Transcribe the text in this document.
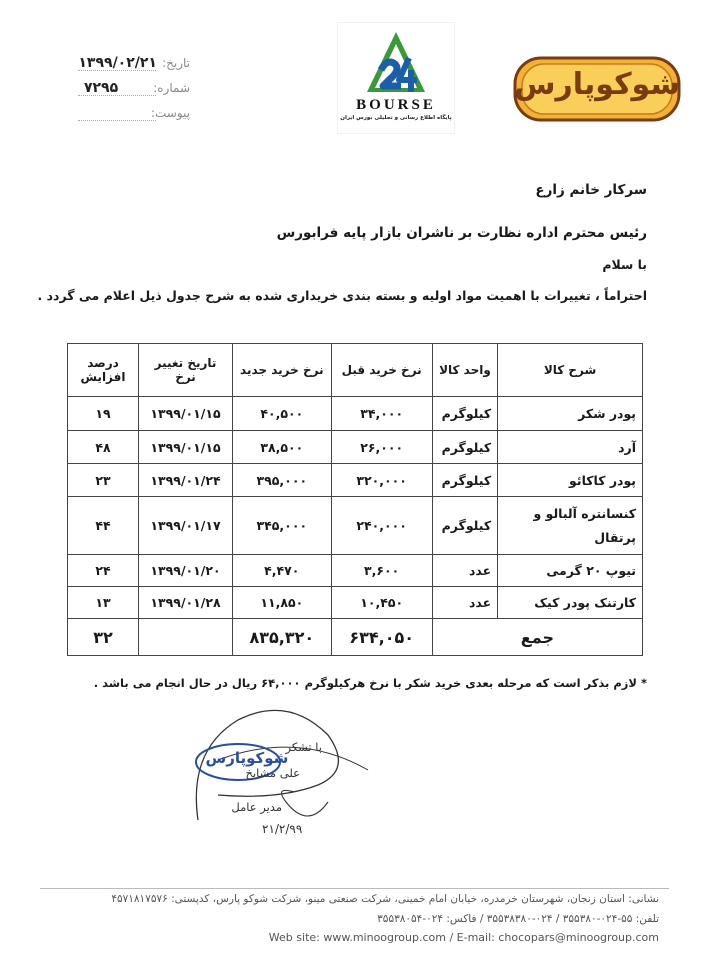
تاریخ: ۱۳۹۹/۰۲/۲۱
شماره: ۷۲۹۵
پیوست:	BOURSE
پایگاه اطلاع رسانی و تحلیلی بورس ایران
شوکوپارس
سرکار خانم زارع
رئیس محترم اداره نظارت بر ناشران بازار پایه فرابورس
با سلام
احتراماً ، تغییرات با اهمیت مواد اولیه و بسته بندی خریداری شده به شرح جدول ذیل اعلام می گردد .
شرح کالا	واحد کالا	نرخ خرید قبل	نرخ خرید جدید	تاریخ تغییر نرخ	درصد افزایش
پودر شکر	کیلوگرم	۳۴,۰۰۰	۴۰,۵۰۰	۱۳۹۹/۰۱/۱۵	۱۹
آرد	کیلوگرم	۲۶,۰۰۰	۳۸,۵۰۰	۱۳۹۹/۰۱/۱۵	۴۸
پودر کاکائو	کیلوگرم	۳۲۰,۰۰۰	۳۹۵,۰۰۰	۱۳۹۹/۰۱/۲۴	۲۳
کنسانتره آلبالو و پرتقال	کیلوگرم	۲۴۰,۰۰۰	۳۴۵,۰۰۰	۱۳۹۹/۰۱/۱۷	۴۴
تیوپ ۲۰ گرمی	عدد	۳,۶۰۰	۴,۴۷۰	۱۳۹۹/۰۱/۲۰	۲۴
کارتنک پودر کیک	عدد	۱۰,۴۵۰	۱۱,۸۵۰	۱۳۹۹/۰۱/۲۸	۱۳
جمع		۶۳۴,۰۵۰	۸۳۵,۳۲۰		۳۲
* لازم بذکر است که مرحله بعدی خرید شکر با نرخ هرکیلوگرم ۶۴,۰۰۰ ریال در حال انجام می باشد .
با تشکر
شوکوپارس
علی مشایخ
مدیر عامل
۲۱/۲/۹۹
نشانی: استان زنجان، شهرستان خرمدره، خیابان امام خمینی، شرکت صنعتی مینو، شرکت شوکو پارس، کدپستی: ۴۵۷۱۸۱۷۵۷۶
تلفن: ۵۵-۰۲۴-۳۵۵۳۸۰ / ۰۲۴-۳۵۵۳۸۳۸۰ / فاکس: ۰۲۴-۳۵۵۳۸۰۵۴
Web site: www.minoogroup.com / E-mail: chocopars@minoogroup.com
